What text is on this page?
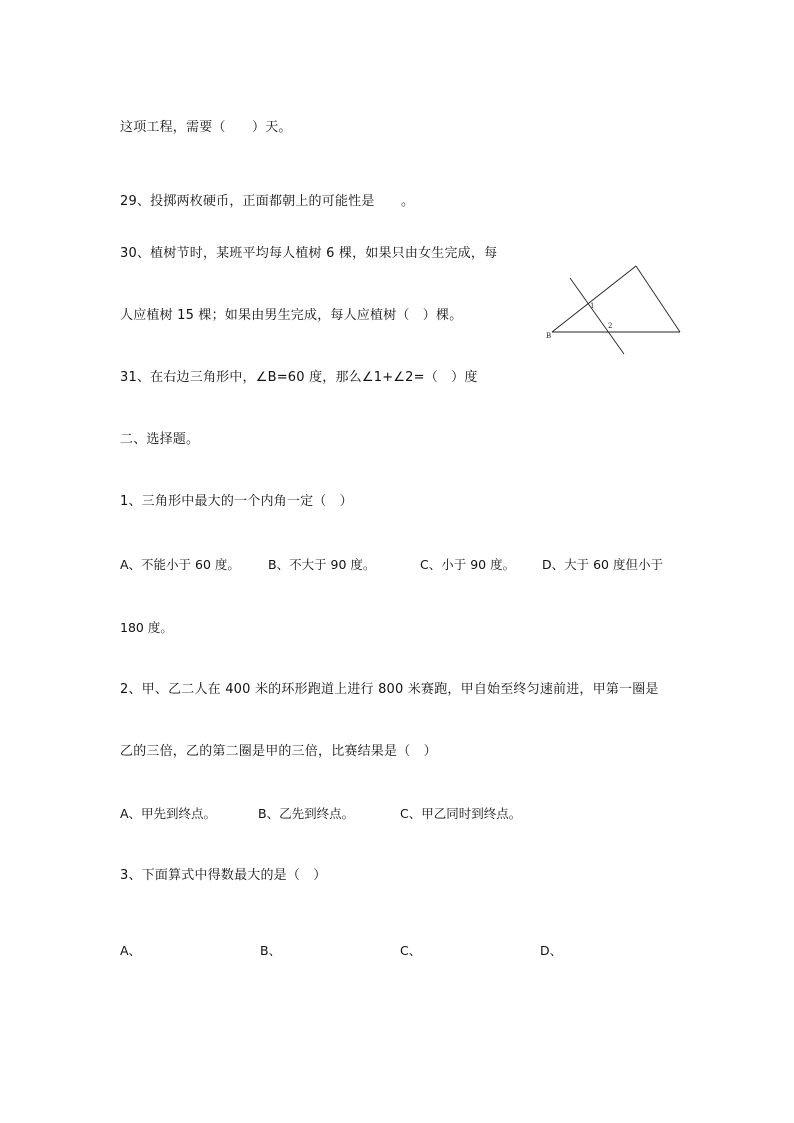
这项工程，需要（　　）天。
29、投掷两枚硬币，正面都朝上的可能性是　　。
30、植树节时，某班平均每人植树 6 棵，如果只由女生完成，每
人应植树 15 棵；如果由男生完成，每人应植树（　）棵。
B
1
2
31、在右边三角形中，∠B=60 度，那么∠1+∠2=（　）度
二、选择题。
1、三角形中最大的一个内角一定（　）
A、不能小于 60 度。 B、不大于 90 度。	C、小于 90 度。 D、大于 60 度但小于
180 度。
2、甲、乙二人在 400 米的环形跑道上进行 800 米赛跑，甲自始至终匀速前进，甲第一圈是
乙的三倍，乙的第二圈是甲的三倍，比赛结果是（　）
A、甲先到终点。	B、乙先到终点。	C、甲乙同时到终点。
3、下面算式中得数最大的是（　）
A、	B、	C、	D、
